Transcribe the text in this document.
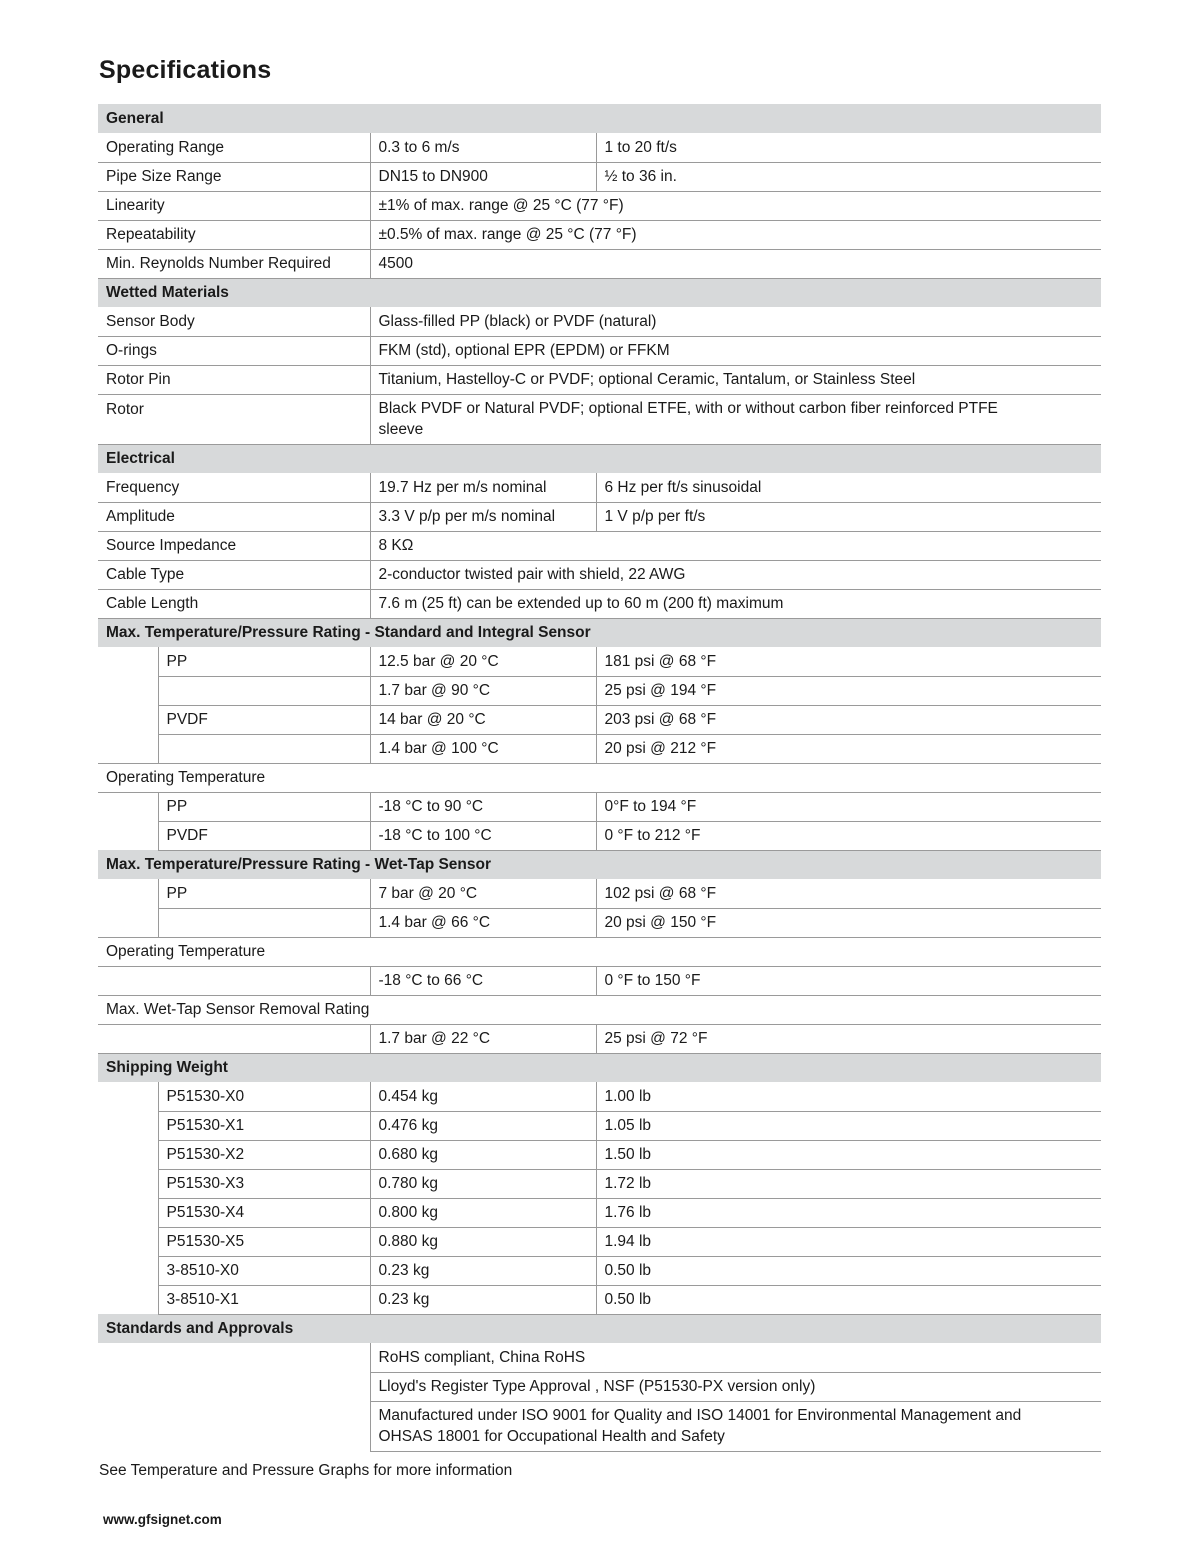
Specifications
General			
Operating Range		0.3 to 6 m/s	1 to 20 ft/s
Pipe Size Range		DN15 to DN900	½ to 36 in.
Linearity		±1% of max. range @ 25 °C (77 °F)	
Repeatability		±0.5% of max. range @ 25 °C (77 °F)	
Min. Reynolds Number Required		4500	
Wetted Materials			
Sensor Body		Glass-filled PP (black) or PVDF (natural)	
O-rings		FKM (std), optional EPR (EPDM) or FFKM	
Rotor Pin		Titanium, Hastelloy-C or PVDF; optional Ceramic, Tantalum, or Stainless Steel	
Rotor		Black PVDF or Natural PVDF; optional ETFE, with or without carbon fiber reinforced PTFE sleeve	
Electrical			
Frequency		19.7 Hz per m/s nominal	6 Hz per ft/s sinusoidal
Amplitude		3.3 V p/p per m/s nominal	1 V p/p per ft/s
Source Impedance		8 KΩ	
Cable Type		2-conductor twisted pair with shield, 22 AWG	
Cable Length		7.6 m (25 ft) can be extended up to 60 m (200 ft) maximum	
Max. Temperature/Pressure Rating - Standard and Integral Sensor			
	PP	12.5 bar @ 20 °C	181 psi @ 68 °F
		1.7 bar @ 90 °C	25 psi @ 194 °F
	PVDF	14 bar @ 20 °C	203 psi @ 68 °F
		1.4 bar @ 100 °C	20 psi @ 212 °F
Operating Temperature			
	PP	-18 °C to 90 °C	0°F to 194 °F
	PVDF	-18 °C to 100 °C	0 °F to 212 °F
Max. Temperature/Pressure Rating - Wet-Tap Sensor			
	PP	7 bar @ 20 °C	102 psi @ 68 °F
		1.4 bar @ 66 °C	20 psi @ 150 °F
Operating Temperature			
		-18 °C to 66 °C	0 °F to 150 °F
Max. Wet-Tap Sensor Removal Rating			
		1.7 bar @ 22 °C	25 psi @ 72 °F
Shipping Weight			
	P51530-X0	0.454 kg	1.00 lb
	P51530-X1	0.476 kg	1.05 lb
	P51530-X2	0.680 kg	1.50 lb
	P51530-X3	0.780 kg	1.72 lb
	P51530-X4	0.800 kg	1.76 lb
	P51530-X5	0.880 kg	1.94 lb
	3-8510-X0	0.23 kg	0.50 lb
	3-8510-X1	0.23 kg	0.50 lb
Standards and Approvals			
		RoHS compliant, China RoHS	
		Lloyd's Register Type Approval , NSF (P51530-PX version only)	
		Manufactured under ISO 9001 for Quality and ISO 14001 for Environmental Management and OHSAS 18001 for Occupational Health and Safety	

See Temperature and Pressure Graphs for more information

www.gfsignet.com
